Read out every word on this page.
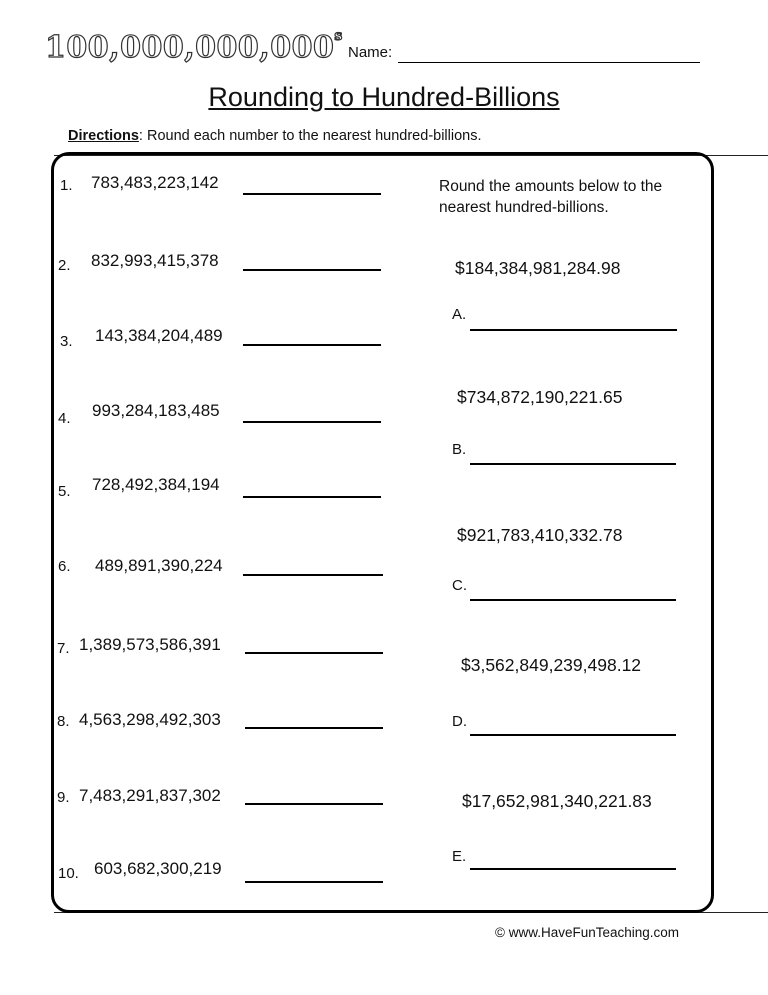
100,000,000,000$^s$
Name:
Rounding to Hundred-Billions
Directions: Round each number to the nearest hundred-billions.
1. 783,483,223,142
2. 832,993,415,378
3. 143,384,204,489
4. 993,284,183,485
5. 728,492,384,194
6. 489,891,390,224
7. 1,389,573,586,391
8. 4,563,298,492,303
9. 7,483,291,837,302
10. 603,682,300,219
Round the amounts below to the nearest hundred-billions.
$184,384,981,284.98
A.
$734,872,190,221.65
B.
$921,783,410,332.78
C.
$3,562,849,239,498.12
D.
$17,652,981,340,221.83
E.
© www.HaveFunTeaching.com
